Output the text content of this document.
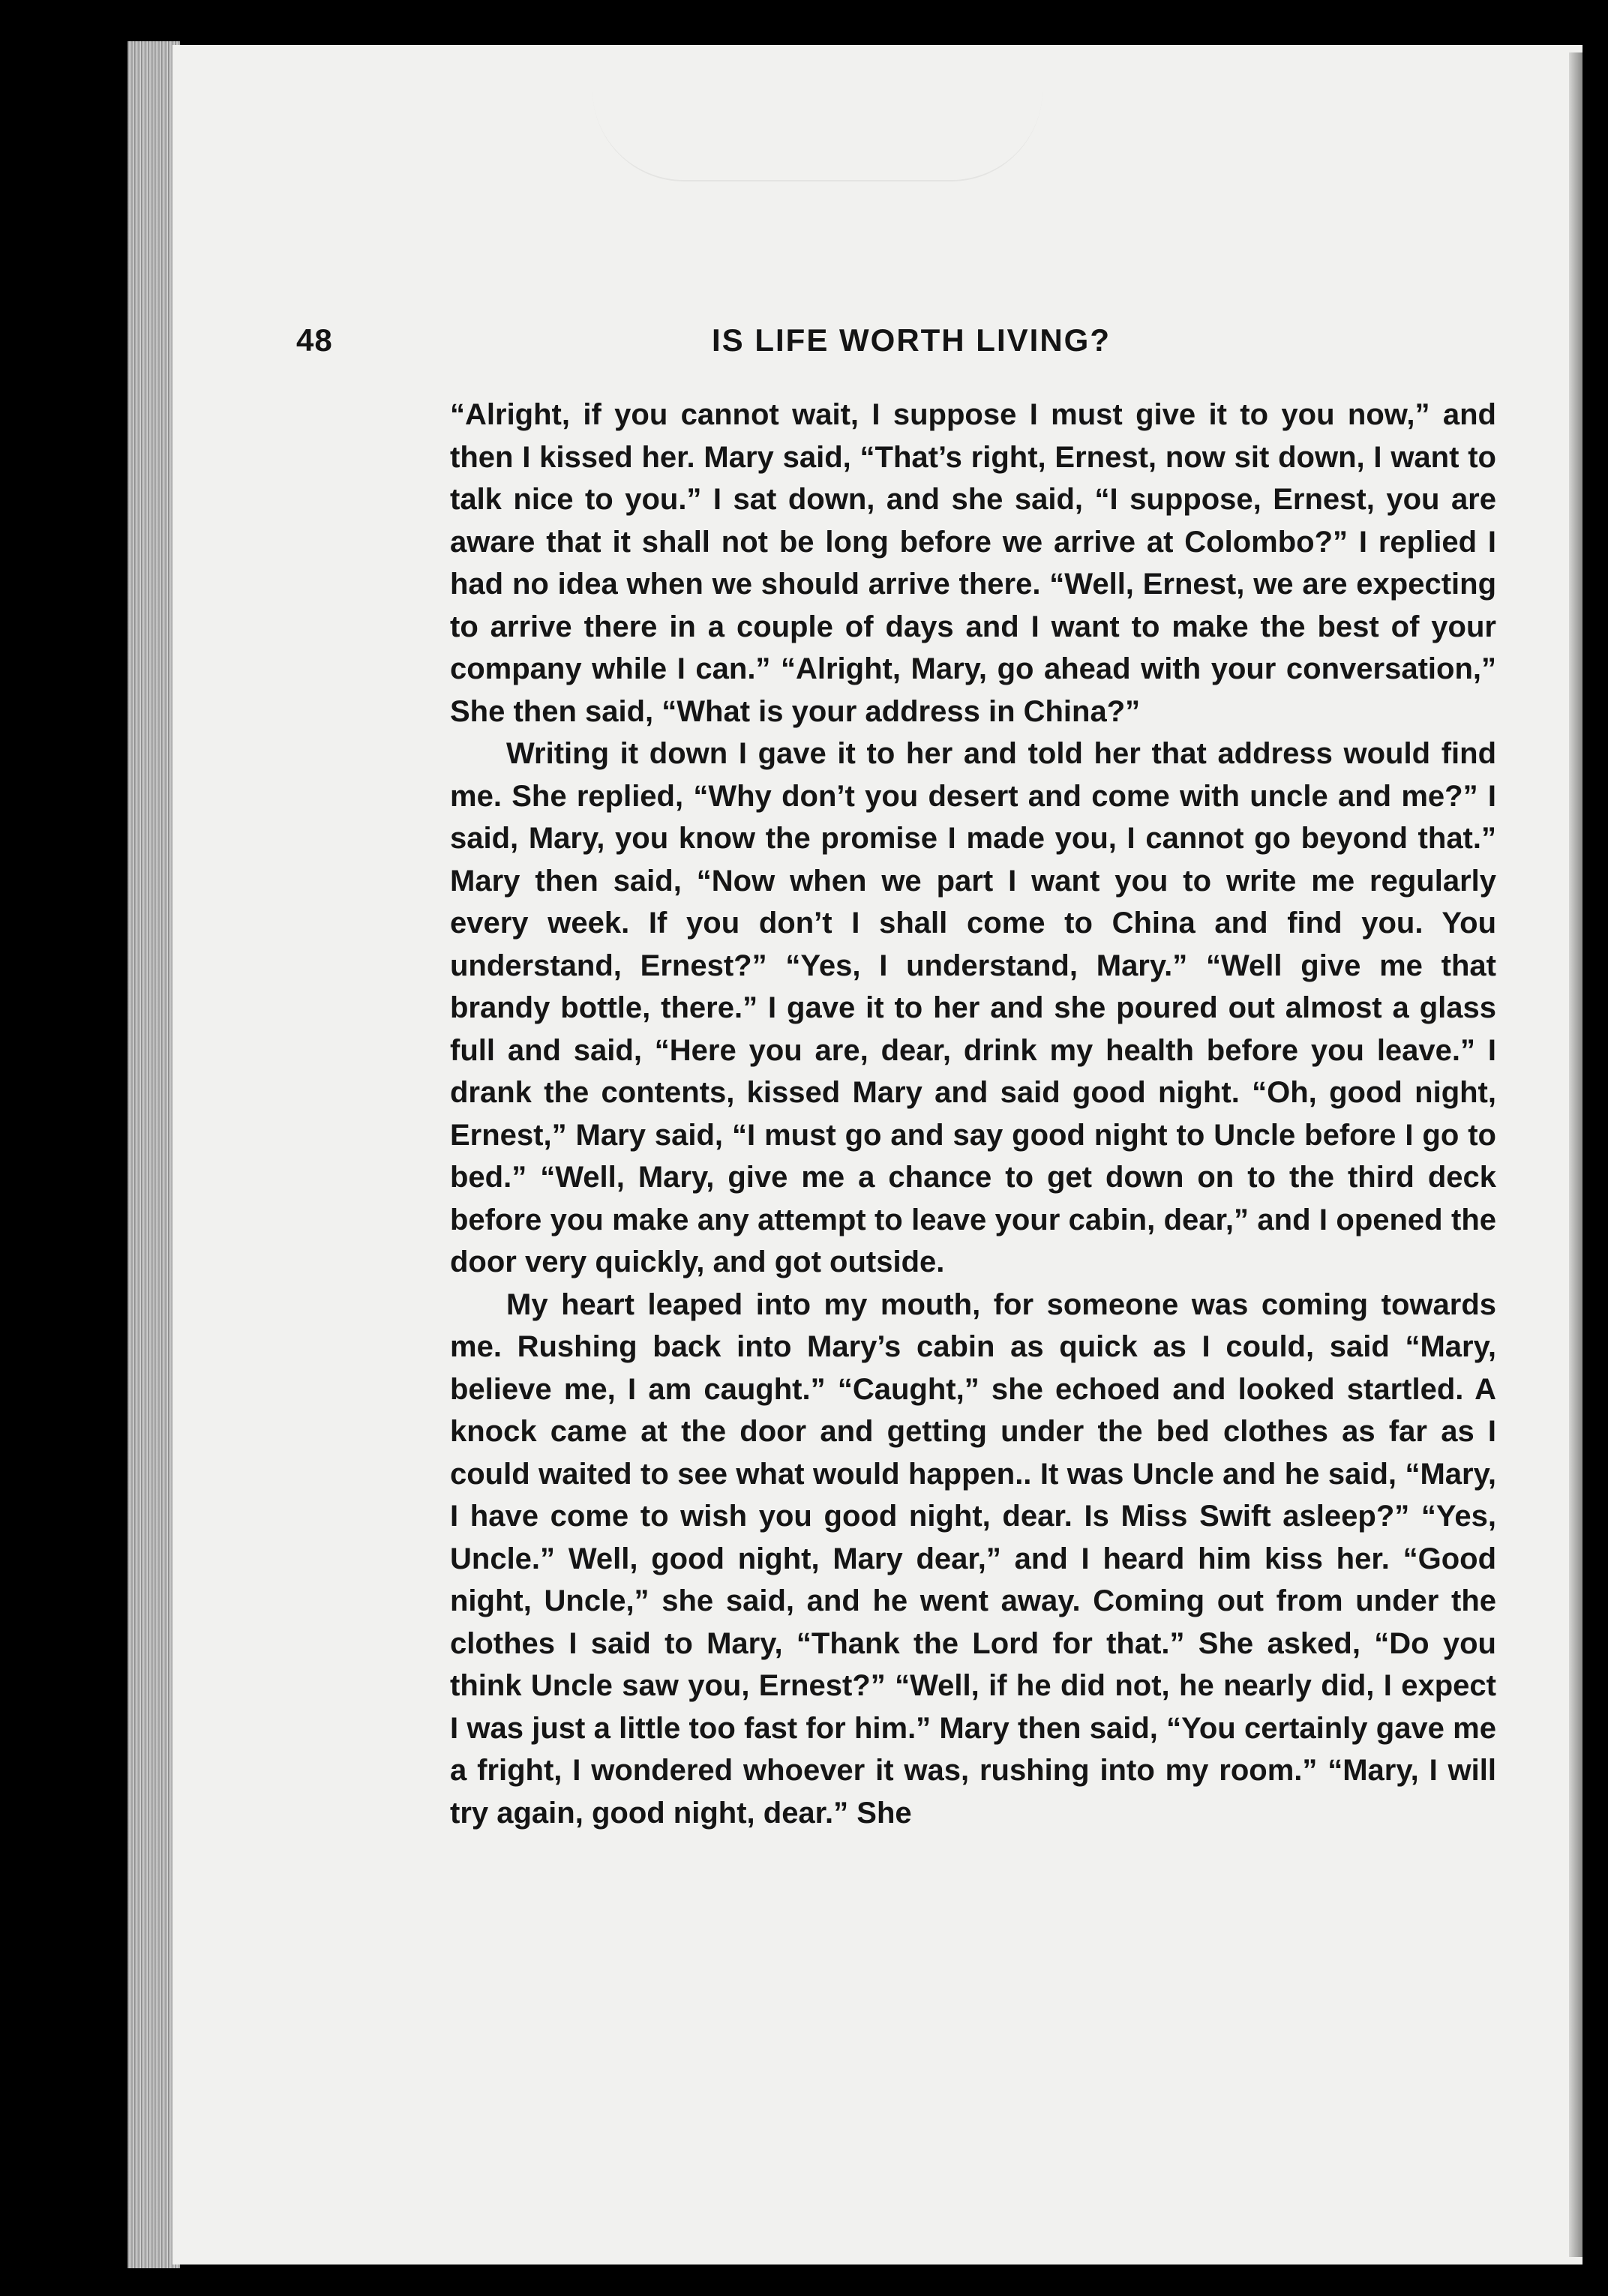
48	IS LIFE WORTH LIVING?

“Alright, if you cannot wait, I suppose I must give it to you now,” and then I kissed her. Mary said, “That’s right, Ernest, now sit down, I want to talk nice to you.” I sat down, and she said, “I suppose, Ernest, you are aware that it shall not be long before we arrive at Colombo?” I replied I had no idea when we should arrive there. “Well, Ernest, we are expecting to arrive there in a couple of days and I want to make the best of your company while I can.” “Alright, Mary, go ahead with your conversation,” She then said, “What is your address in China?”

Writing it down I gave it to her and told her that address would find me. She replied, “Why don’t you desert and come with uncle and me?” I said, Mary, you know the promise I made you, I cannot go beyond that.” Mary then said, “Now when we part I want you to write me regularly every week. If you don’t I shall come to China and find you. You understand, Ernest?” “Yes, I understand, Mary.” “Well give me that brandy bottle, there.” I gave it to her and she poured out almost a glass full and said, “Here you are, dear, drink my health before you leave.” I drank the contents, kissed Mary and said good night. “Oh, good night, Ernest,” Mary said, “I must go and say good night to Uncle before I go to bed.” “Well, Mary, give me a chance to get down on to the third deck before you make any attempt to leave your cabin, dear,” and I opened the door very quickly, and got outside.

My heart leaped into my mouth, for someone was coming towards me. Rushing back into Mary’s cabin as quick as I could, said “Mary, believe me, I am caught.” “Caught,” she echoed and looked startled. A knock came at the door and getting under the bed clothes as far as I could waited to see what would happen.. It was Uncle and he said, “Mary, I have come to wish you good night, dear. Is Miss Swift asleep?” “Yes, Uncle.” Well, good night, Mary dear,” and I heard him kiss her. “Good night, Uncle,” she said, and he went away. Coming out from under the clothes I said to Mary, “Thank the Lord for that.” She asked, “Do you think Uncle saw you, Ernest?” “Well, if he did not, he nearly did, I expect I was just a little too fast for him.” Mary then said, “You certainly gave me a fright, I wondered whoever it was, rushing into my room.” “Mary, I will try again, good night, dear.” She
